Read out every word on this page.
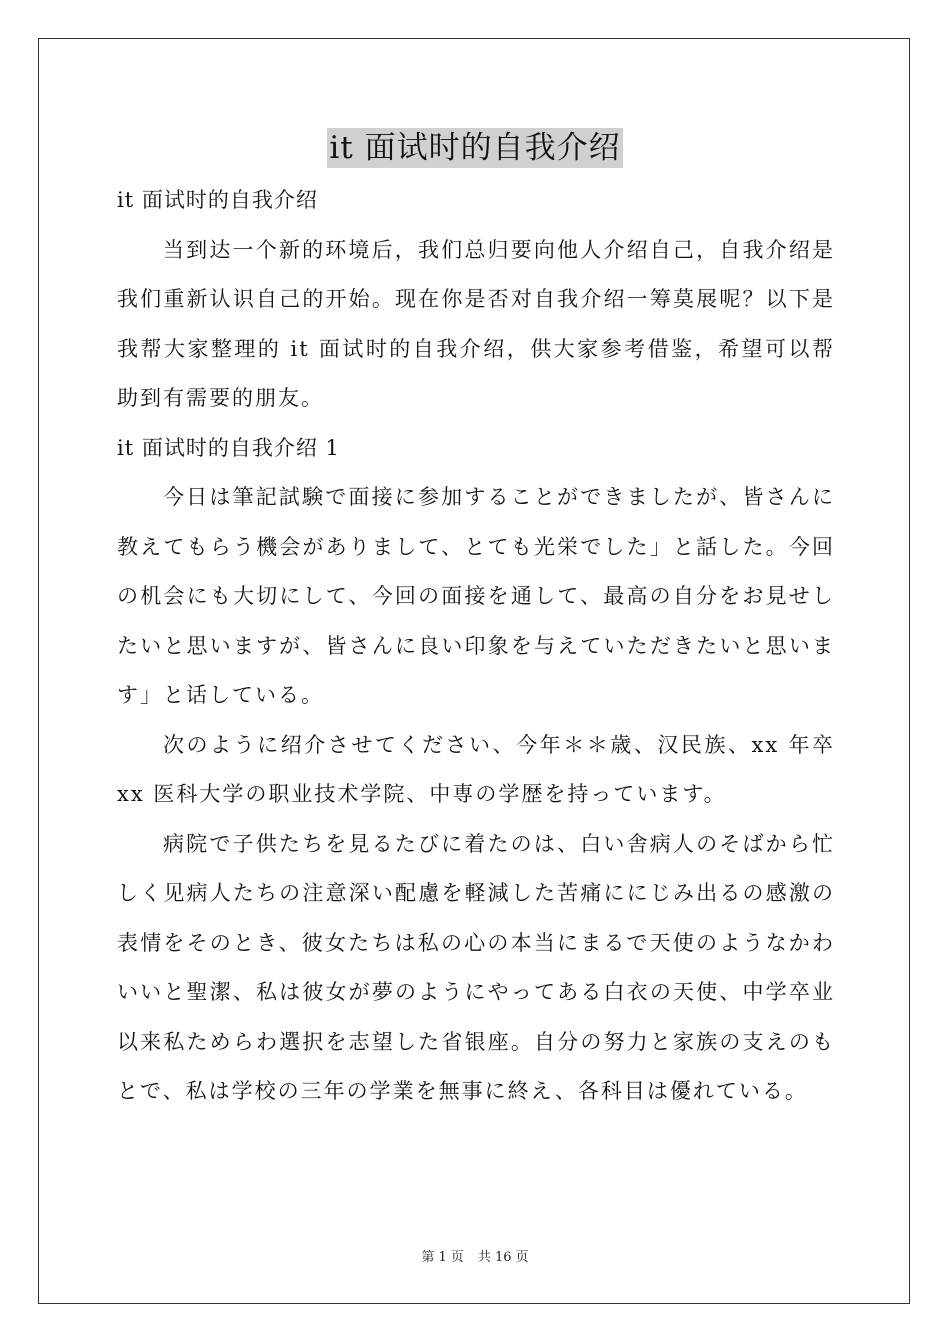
it 面试时的自我介绍

it 面试时的自我介绍

当到达一个新的环境后，我们总归要向他人介绍自己，自我介绍是我们重新认识自己的开始。现在你是否对自我介绍一筹莫展呢？以下是我帮大家整理的 it 面试时的自我介绍，供大家参考借鉴，希望可以帮助到有需要的朋友。

it 面试时的自我介绍 1

今日は筆記試験で面接に参加することができましたが、皆さんに教えてもらう機会がありまして、とても光栄でした」と話した。今回の机会にも大切にして、今回の面接を通して、最高の自分をお見せしたいと思いますが、皆さんに良い印象を与えていただきたいと思います」と话している。

次のように绍介させてください、今年＊＊歳、汉民族、xx 年卒 xx 医科大学の职业技术学院、中専の学歴を持っています。

病院で子供たちを見るたびに着たのは、白い舎病人のそばから忙しく见病人たちの注意深い配慮を軽減した苦痛ににじみ出るの感激の表情をそのとき、彼女たちは私の心の本当にまるで天使のようなかわいいと聖潔、私は彼女が夢のようにやってある白衣の天使、中学卒业以来私ためらわ選択を志望した省银座。自分の努力と家族の支えのもとで、私は学校の三年の学業を無事に終え、各科目は優れている。

第 1 页 共 16 页
